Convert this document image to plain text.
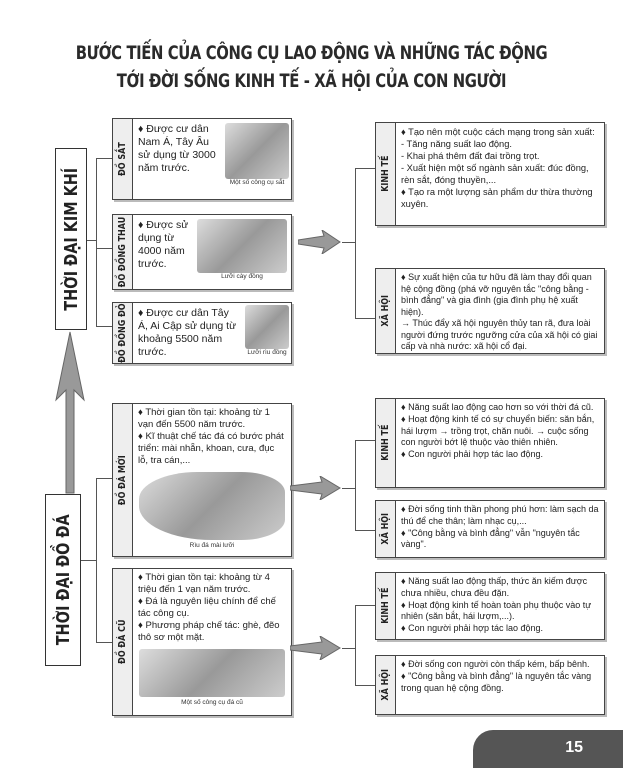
BƯỚC TIẾN CỦA CÔNG CỤ LAO ĐỘNG VÀ NHỮNG TÁC ĐỘNG
TỚI ĐỜI SỐNG KINH TẾ - XÃ HỘI CỦA CON NGƯỜI
THỜI ĐẠI KIM KHÍ
THỜI ĐẠI ĐỒ ĐÁ
ĐỒ SẮT
♦ Được cư dân Nam Á, Tây Âu sử dụng từ 3000 năm trước.
Một số công cụ sắt
ĐỒ ĐỒNG THAU ♦ Được sử dụng từ 4000 năm trước.
Lưỡi cày đồng
ĐỒ ĐỒNG ĐỎ ♦ Được cư dân Tây Á, Ai Cập sử dụng từ khoảng 5500 năm trước.	Lưỡi rìu đồng
ĐỒ ĐÁ MỚI
♦ Thời gian tồn tại: khoảng từ 1 vạn đến 5500 năm trước.
♦ Kĩ thuật chế tác đá có bước phát triển: mài nhẵn, khoan, cưa, đục lỗ, tra cán,...
Rìu đá mài lưỡi
ĐỒ ĐÁ CŨ
♦ Thời gian tồn tại: khoảng từ 4 triệu đến 1 vạn năm trước.
♦ Đá là nguyên liệu chính để chế tác công cụ.
♦ Phương pháp chế tác: ghè, đẽo thô sơ một mặt.
Một số công cụ đá cũ
KINH TẾ
♦ Tạo nên một cuộc cách mạng trong sản xuất:
- Tăng năng suất lao động.
- Khai phá thêm đất đai trồng trọt.
- Xuất hiện một số ngành sản xuất: đúc đồng, rèn sắt, đóng thuyền,...
♦ Tạo ra một lượng sản phẩm dư thừa thường xuyên.
XÃ HỘI
♦ Sự xuất hiện của tư hữu đã làm thay đổi quan hệ cộng đồng (phá vỡ nguyên tắc "công bằng - bình đẳng" và gia đình (gia đình phụ hệ xuất hiện).
→ Thúc đẩy xã hội nguyên thủy tan rã, đưa loài người đứng trước ngưỡng cửa của xã hội có giai cấp và nhà nước: xã hội cổ đại.
KINH TẾ
♦ Năng suất lao động cao hơn so với thời đá cũ.
♦ Hoạt động kinh tế có sự chuyển biến: săn bắn, hái lượm → trồng trọt, chăn nuôi. → cuộc sống con người bớt lệ thuộc vào thiên nhiên.
♦ Con người phải hợp tác lao động.
XÃ HỘI
♦ Đời sống tinh thần phong phú hơn: làm sạch da thú để che thân; làm nhạc cụ,...
♦ "Công bằng và bình đẳng" vẫn "nguyên tắc vàng".
KINH TẾ
♦ Năng suất lao động thấp, thức ăn kiếm được chưa nhiều, chưa đều đặn.
♦ Hoạt động kinh tế hoàn toàn phụ thuộc vào tự nhiên (săn bắt, hái lượm,...).
♦ Con người phải hợp tác lao động.
XÃ HỘI
♦ Đời sống con người còn thấp kém, bấp bênh.
♦ "Công bằng và bình đẳng" là nguyên tắc vàng trong quan hệ cộng đồng.
15
